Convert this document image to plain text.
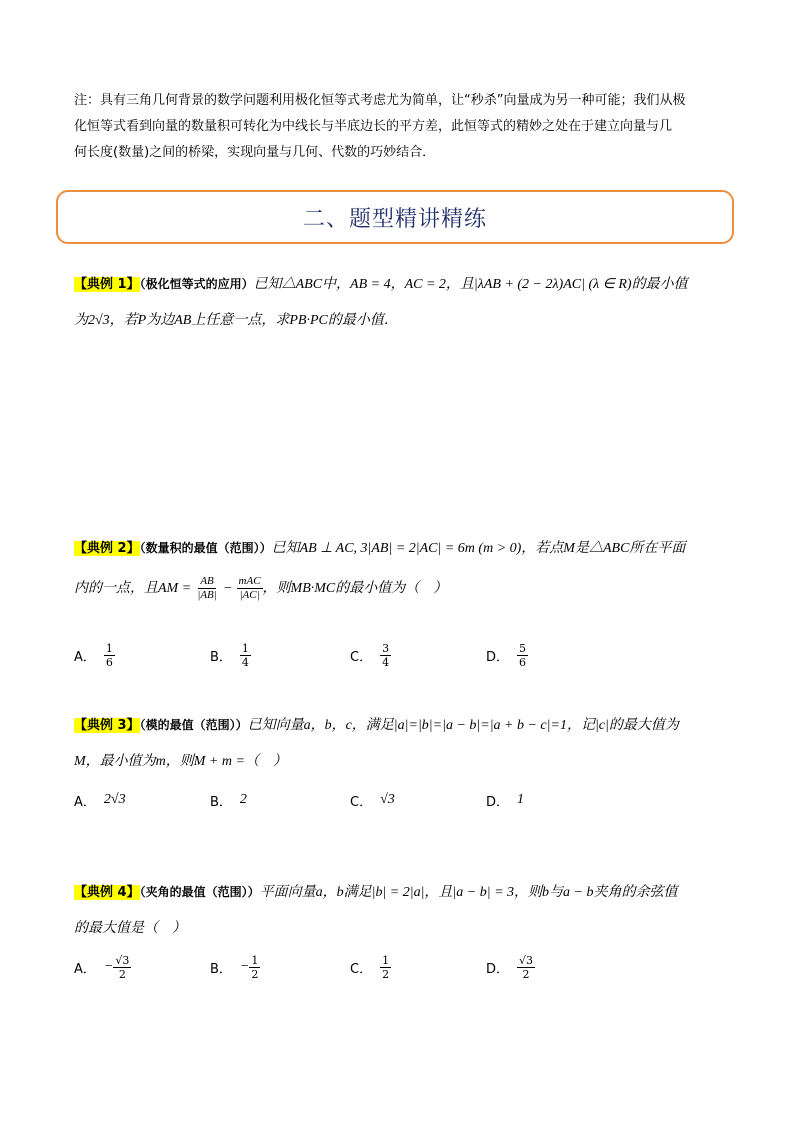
注：具有三角几何背景的数学问题利用极化恒等式考虑尤为简单，让“秒杀”向量成为另一种可能；我们从极

化恒等式看到向量的数量积可转化为中线长与半底边长的平方差，此恒等式的精妙之处在于建立向量与几

何长度(数量)之间的桥梁，实现向量与几何、代数的巧妙结合．

二、题型精讲精练

【典例 1】（极化恒等式的应用）已知△ABC中，AB = 4，AC = 2，且|λAB + (2 − 2λ)AC| (λ ∈ R)的最小值

为2√3，若P为边AB上任意一点，求PB·PC的最小值．

【典例 2】（数量积的最值（范围））已知AB ⊥ AC, 3|AB| = 2|AC| = 6m (m > 0)，若点M是△ABC所在平面

内的一点，且AM = $\frac{AB}{|AB|} - \frac{\text{mAC}}{|AC|}$ ，则MB·MC的最小值为（　）

A． $\frac{1}{6}$	B． $\frac{1}{4}$	C． $\frac{3}{4}$	D． $\frac{5}{6}$

【典例 3】（模的最值（范围））已知向量a，b，c，满足|a|=|b|=|a − b|=|a + b − c|=1，记|c|的最大值为

M，最小值为m，则M + m =（　）

A． 2√3	B． 2	C． √3	D． 1

【典例 4】（夹角的最值（范围））平面向量a，b满足|b| = 2|a|，且|a − b| = 3，则b与a − b夹角的余弦值

的最大值是（　）

A． − $\frac{√3}{2}$	B． − $\frac{1}{2}$	C． $\frac{1}{2}$	D． $\frac{√3}{2}$
